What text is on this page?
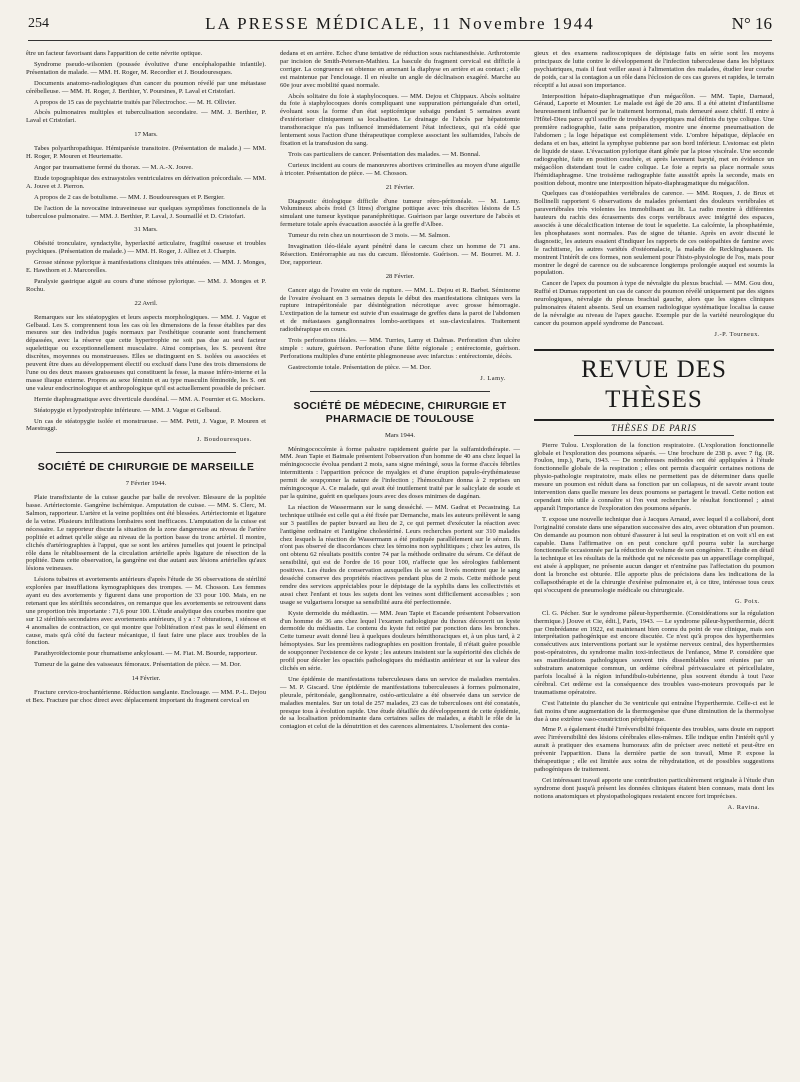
254	LA PRESSE MÉDICALE, 11 Novembre 1944	N° 16

être un facteur favorisant dans l'apparition de cette névrite optique.

Syndrome pseudo-wilsonien (poussée évolutive d'une encéphalopathie infantile). Présentation de malade. — MM. H. Roger, M. Recordier et J. Boudouresques.

Documents anatomo-radiologiques d'un cancer du poumon révélé par une métastase cérébelleuse. — MM. H. Roger, J. Berthier, Y. Poursines, P. Laval et Cristofari.

A propos de 15 cas de psychiatrie traités par l'électrochoc. — M. H. Ollivier.

Abcès pulmonaires multiples et tuberculisation secondaire. — MM. J. Berthier, P. Laval et Cristofari.

17 Mars.

Tabes polyarthropathique. Hémiparésie transitoire. (Présentation de malade.) — MM. H. Roger, P. Mouren et Heurtematte.

Angor par traumatisme fermé du thorax. — M. A.-X. Jouve.

Etude topographique des extrasystoles ventriculaires en dérivation précordiale. — MM. A. Jouve et J. Pierron.

A propos de 2 cas de botulisme. — MM. J. Boudouresques et P. Bergier.

De l'action de la novocaïne intraveineuse sur quelques symptômes fonctionnels de la tuberculose pulmonaire. — MM. J. Berthier, P. Laval, J. Soumaillé et D. Cristofari.

31 Mars.

Obésité tronculaire, syndactylie, hyperlaxité articulaire, fragilité osseuse et troubles psychiques. (Présentation de malade.) — MM. H. Roger, J. Alliez et J. Charpin.

Grosse sténose pylorique à manifestations cliniques très atténuées. — MM. J. Monges, E. Hawthorn et J. Marcorelles.

Paralysie gastrique aiguë au cours d'une sténose pylorique. — MM. J. Monges et P. Rochu.

22 Avril.

Remarques sur les stéatopygies et leurs aspects morphologiques. — MM. J. Vague et Gelbaud. Les S. comprennent tous les cas où les dimensions de la fesse établies par des mesures sur des individus jugés normaux par l'esthétique courante sont franchement dépassées, avec la réserve que cette hypertrophie ne soit pas due au seul facteur squelettique ou exceptionnellement musculaire. Ainsi comprises, les S. peuvent être discrètes, moyennes ou monstrueuses. Elles se distinguent en S. isolées ou associées et peuvent être dues au développement électif ou exclusif dans l'une des trois dimensions de l'une ou des deux masses graisseuses qui constituent la fesse, la masse inféro-interne et la masse iliaque externe. Propres au sexe féminin et au type masculin féminoïde, les S. ont une valeur endocrinologique et anthropologique qu'il est actuellement possible de préciser.

Hernie diaphragmatique avec diverticule duodénal. — MM. A. Fournier et G. Mockers.

Stéatopygie et lypodystrophie inférieure. — MM. J. Vague et Gelbaud.

Un cas de stéatopygie isolée et monstrueuse. — MM. Petit, J. Vague, P. Mouren et Maestraggi.

J. Boudouresques.
SOCIÉTÉ DE CHIRURGIE DE MARSEILLE
7 Février 1944.

Plaie transfixiante de la cuisse gauche par balle de revolver. Blessure de la poplitée basse. Artériectomie. Gangrène ischémique. Amputation de cuisse. — MM. S. Clerc, M. Salmon, rapporteur. L'artère et la veine poplitées ont été blessées. Artériectomie et ligature de la veine. Plusieurs infiltrations lombaires sont inefficaces. L'amputation de la cuisse est nécessaire. Le rapporteur discute la situation de la zone dangereuse au niveau de l'artère poplitée et admet qu'elle siège au niveau de la portion basse du tronc artériel. Il montre, clichés d'artériographies à l'appui, que se sont les artères jumelles qui jouent le principal rôle dans le rétablissement de la circulation artérielle après ligature de résection de la poplitée. Dans cette observation, la gangrène est due autant aux lésions artérielles qu'aux lésions veineuses.

Lésions tubaires et avortements antérieurs d'après l'étude de 36 observations de stérilité explorées par insufflations kymographiques des trompes. — M. Chosson. Les femmes ayant eu des avortements y figurent dans une proportion de 33 pour 100. Mais, en ne retenant que les stérilités secondaires, on remarque que les avortements se retrouvent dans une proportion très importante : 71,6 pour 100. L'étude analytique des courbes montre que sur 12 stérilités secondaires avec avortements antérieurs, il y a : 7 obturations, 1 sténose et 4 anomalies de contraction, ce qui montre que l'oblitération n'est pas le seul élément en cause, mais qu'à côté du facteur mécanique, il faut faire une place aux troubles de la fonction.

Parathyroïdectomie pour rhumatisme ankylosant. — M. Fiat. M. Bourde, rapporteur.

Tumeur de la gaine des vaisseaux fémoraux. Présentation de pièce. — M. Dor.

14 Février.

Fracture cervico-trochantérienne. Réduction sanglante. Enclouage. — MM. P.-L. Dejou et Bex. Fracture par choc direct avec déplacement important du fragment cervical en

dedans et en arrière. Echec d'une tentative de réduction sous rachianesthésie. Arthrotomie par incision de Smith-Petersen-Mathieu. La bascule du fragment cervical est difficile à corriger. La congruence est obtenue en amenant la diaphyse en arrière et au contact ; elle est maintenue par l'enclouage. Il en résulte un angle de déclinaison exagéré. Marche au 60e jour avec mobilité quasi normale.

Abcès solitaire du foie à staphylocoques. — MM. Dejou et Chippaux. Abcès solitaire du foie à staphylocoques dorés compliquant une suppuration périunguéale d'un orteil, évoluant sous la forme d'un état septicémique subaigu pendant 5 semaines avant d'extérioriser cliniquement sa localisation. Le drainage de l'abcès par hépatotomie transthoracique n'a pas influencé immédiatement l'état infectieux, qui n'a cédé que lentement sous l'action d'une thérapeutique complexe associant les sulfamides, l'abcès de fixation et la transfusion du sang.

Trois cas particuliers de cancer. Présentation des malades. — M. Bonnal.

Curieux incident au cours de manœuvres abortives criminelles au moyen d'une aiguille à tricoter. Présentation de pièce. — M. Chosson.

21 Février.

Diagnostic étiologique difficile d'une tumeur rétro-péritonéale. — M. Lamy. Volumineux abcès froid (3 litres) d'origine pottique avec très discrètes lésions de L5 simulant une tumeur kystique paranéphrétique. Guérison par large ouverture de l'abcès et fermeture totale après évacuation associée à la greffe d'Albee.

Tumeur du rein chez un nourrisson de 3 mois. — M. Salmon.

Invagination iléo-iléale ayant pénétré dans le cæcum chez un homme de 71 ans. Résection. Entérorraphie au ras du cæcum. Iléostomie. Guérison. — M. Bourret. M. J. Dor, rapporteur.

28 Février.

Cancer aigu de l'ovaire en voie de rupture. — MM. L. Dejou et R. Barbet. Séminome de l'ovaire évoluant en 3 semaines depuis le début des manifestations cliniques vers la rupture intrapéritonéale par désintégration nécrotique avec grosse hémorragie. L'extirpation de la tumeur est suivie d'un essaimage de greffes dans la paroi de l'abdomen et de métastases ganglionnaires lombo-aortiques et sus-claviculaires. Traitement radiothérapique en cours.

Trois perforations iléales. — MM. Turries, Lamy et Dalmas. Perforation d'un ulcère simple : suture, guérison. Perforation d'une iléite régionale ; entérectomie, guérison. Perforations multiples d'une entérite phlegmoneuse avec infarctus : entérectomie, décès.

Gastrectomie totale. Présentation de pièce. — M. Dor.

J. Lamy.
SOCIÉTÉ DE MÉDECINE, CHIRURGIE ET PHARMACIE DE TOULOUSE
Mars 1944.

Méningococcémie à forme palustre rapidement guérie par la sulfamidothérapie. — MM. Jean Tapie et Batmale présentent l'observation d'un homme de 40 ans chez lequel la méningococcie évolua pendant 2 mois, sans signe méningé, sous la forme d'accès fébriles intermittents : l'apparition précoce de myalgies et d'une éruption papulo-érythémateuse permit de soupçonner la nature de l'infection ; l'hémoculture donna à 2 reprises un méningocoque A. Ce malade, qui avait été inutilement traité par le salicylate de soude et par la quinine, guérit en quelques jours avec des doses minimes de dagénan.

La réaction de Wassermann sur le sang desséché. — MM. Gadrat et Pecastraing. La technique utilisée est celle qui a été fixée par Demanche, mais les auteurs prélèvent le sang sur 3 pastilles de papier buvard au lieu de 2, ce qui permet d'exécuter la réaction avec l'antigène ordinaire et l'antigène cholestériné. Leurs recherches portent sur 310 malades chez lesquels la réaction de Wassermann a été pratiquée parallèlement sur le sérum. Ils n'ont pas observé de discordances chez les témoins non syphilitiques ; chez les autres, ils ont obtenu 62 résultats positifs contre 74 par la méthode ordinaire du sérum. Ce défaut de sensibilité, qui est de l'ordre de 16 pour 100, n'affecte que les sérologies faiblement positives. Les études de conservation auxquelles ils se sont livrés montrent que le sang desséché conserve des propriétés réactives pendant plus de 2 mois. Cette méthode peut rendre des services appréciables pour le dépistage de la syphilis dans les collectivités et aussi chez l'enfant et tous les sujets dont les veines sont difficilement accessibles ; son usage se vulgarisera lorsque sa sensibilité aura été perfectionnée.

Kyste dermoïde du médiastin. — MM. Jean Tapie et Escande présentent l'observation d'un homme de 36 ans chez lequel l'examen radiologique du thorax découvrit un kyste dermoïde du médiastin. Le contenu du kyste fut retiré par ponction dans les bronches. Cette tumeur avait donné lieu à quelques douleurs hémithoraciques et, à un plus tard, à 2 hémoptysies. Sur les premières radiographies en position frontale, il n'était guère possible de soupçonner l'existence de ce kyste ; les auteurs insistent sur la supériorité des clichés de profil pour déceler les opacités pathologiques du médiastin antérieur et sur la valeur des clichés en série.

Une épidémie de manifestations tuberculeuses dans un service de maladies mentales. — M. P. Giscard. Une épidémie de manifestations tuberculeuses à formes pulmonaire, pleurale, péritonéale, ganglionnaire, ostéo-articulaire a été observée dans un service de maladies mentales. Sur un total de 257 malades, 23 cas de tuberculoses ont été constatés, presque tous à évolution rapide. Une étude détaillée du développement de cette épidémie, de sa localisation prédominante dans certaines salles de malades, a établi le rôle de la contagion et celui de la dénutrition et des carences alimentaires. L'isolement des conta-

gieux et des examens radioscopiques de dépistage faits en série sont les moyens principaux de lutte contre le développement de l'infection tuberculeuse dans les hôpitaux psychiatriques, mais il faut veiller aussi à l'alimentation des malades, étudier leur courbe de poids, car si la contagion a un rôle dans l'éclosion de ces cas graves et rapides, le terrain réceptif a lui aussi son importance.

Interposition hépato-diaphragmatique d'un mégacôlon. — MM. Tapie, Darnaud, Géraud, Laporte et Mounier. Le malade est âgé de 20 ans. Il a été atteint d'infantilisme heureusement influencé par le traitement hormonal, mais demeuré assez chétif. Il entre à l'Hôtel-Dieu parce qu'il souffre de troubles dyspeptiques mal définis du type colique. Une première radiographie, faite sans préparation, montre une énorme pneumatisation de l'abdomen ; la loge hépatique est complètement vide. L'ombre hépatique, déplacée en dedans et en bas, atteint la symphyse pubienne par son bord inférieur. L'estomac est plein de liquide de stase. L'évacuation pylorique étant gênée par la ptose viscérale. Une seconde radiographie, faite en position couchée, et après lavement baryté, met en évidence un mégacôlon distendant tout le cadre colique. Le foie a repris sa place normale sous l'hémidiaphragme. Une troisième radiographie faite aussitôt après la seconde, mais en position debout, montre une interposition hépato-diaphragmatique du mégacôlon.

Quelques cas d'ostéopathies vertébrales de carence. — MM. Roques, J. de Brux et Bollinelli rapportent 6 observations de malades présentant des douleurs vertébrales et paravertébrales très violentes les immobilisant au lit. La radio montre à différentes hauteurs du rachis des écrasements des corps vertébraux avec intégrité des espaces, associés à une décalcification intense de tout le squelette. La calcémie, la phosphatémie, les phosphatases sont normales. Pas de signe de tétanie. Après en avoir discuté le diagnostic, les auteurs essaient d'indiquer les rapports de ces ostéopathies de famine avec le rachitisme, les autres variétés d'ostéomalacie, la maladie de Recklinghausen. Ils montrent l'intérêt de ces formes, non seulement pour l'histo-physiologie de l'os, mais pour montrer le degré de carence ou de subcarence longtemps prolongée auquel est soumis la population.

Cancer de l'apex du poumon à type de névralgie du plexus brachial. — MM. Gou dou, Ruffié et Dumas rapportent un cas de cancer du poumon révélé uniquement par des signes neurologiques, névralgie du plexus brachial gauche, alors que les signes cliniques pulmonaires étaient absents. Seul un examen radiologique systématique localisa la cause de la névralgie au niveau de l'apex gauche. Exemple pur de la variété neurologique du cancer du poumon appelé syndrome de Pancoast.

J.-P. Tourneux.
REVUE DES THÈSES
THÈSES DE PARIS

Pierre Tulou. L'exploration de la fonction respiratoire. (L'exploration fonctionnelle globale et l'exploration des poumons séparés. — Une brochure de 238 p. avec 7 fig. (R. Foulon, imp.), Paris, 1943. — De nombreuses méthodes ont été appliquées à l'étude fonctionnelle globale de la respiration ; elles ont permis d'acquérir certaines notions de physio-pathologie respiratoire, mais elles ne permettent pas de déterminer dans quelle mesure un poumon est réduit dans sa fonction par un collapsus, ni de savoir avant toute intervention dans quelle mesure les deux poumons se partagent le travail. Cette notion est cependant très utile à connaître si l'on veut rechercher le résultat fonctionnel ; ainsi apparaît l'importance de l'exploration des poumons séparés.

T. expose une nouvelle technique due à Jacques Arnaud, avec lequel il a collaboré, dont l'originalité consiste dans une séparation successive des airs, avec obturation d'un poumon. On demande au poumon non obturé d'assurer à lui seul la respiration et on voit s'il en est capable. Dans l'affirmative on en peut conclure qu'il pourra subir la surcharge fonctionnelle occasionnée par la réduction de volume de son congénère. T. étudie en détail la technique et les résultats de la méthode qui ne nécessite pas un appareillage compliqué, est aisée à appliquer, ne présente aucun danger et n'entraîne pas l'affectation du poumon dont la bronche est obturée. Elle apporte plus de précisions dans les indications de la collapsothérapie et de la chirurgie d'exérèse pulmonaire et, à ce titre, intéresse tous ceux qui s'occupent de pneumologie médicale ou chirurgicale.

G. Poix.

Cl. G. Pécher. Sur le syndrome pâleur-hyperthermie. (Considérations sur la régulation thermique.) [Jouve et Cie, édit.], Paris, 1943. — Le syndrome pâleur-hyperthermie, décrit par Ombrédanne en 1922, est maintenant bien connu du point de vue clinique, mais son interprétation pathogénique est encore discutée. Ce n'est qu'à propos des hyperthermies consécutives aux interventions portant sur le système nerveux central, des hyperthermies post-opératoires, du syndrome malin toxi-infectieux de l'enfance, Mme P. considère que ses manifestations pathologiques souvent très dissemblables sont réunies par un substratum anatomique commun, un œdème cérébral périvasculaire et péricellulaire, parfois localisé à la région infundibulo-tubérienne, plus souvent étendu à tout l'axe cérébral. Cet œdème est la conséquence des troubles vaso-moteurs provoqués par le traumatisme opératoire.

C'est l'atteinte du plancher du 3e ventricule qui entraîne l'hyperthermie. Celle-ci est le fait moins d'une augmentation de la thermogenèse que d'une diminution de la thermolyse due à une extrême vaso-constriction périphérique.

Mme P. a également étudié l'irréversibilité fréquente des troubles, sans doute en rapport avec l'irréversibilité des lésions cérébrales elles-mêmes. Elle indique enfin l'intérêt qu'il y aurait à pratiquer des examens humoraux afin de préciser avec netteté et peut-être en prévenir l'apparition. Dans la dernière partie de son travail, Mme P. expose la thérapeutique ; elle est limitée aux soins de réhydratation, et de possibles suggestions pathogéniques de traitement.

Cet intéressant travail apporte une contribution particulièrement originale à l'étude d'un syndrome dont jusqu'à présent les données cliniques étaient bien connues, mais dont les notions anatomiques et physiopathologiques restaient encore fort imprécises.

A. Ravina.
